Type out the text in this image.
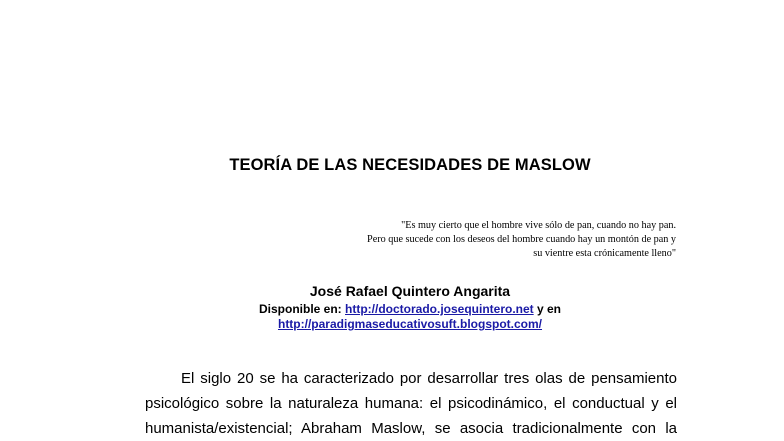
TEORÍA DE LAS NECESIDADES DE MASLOW
"Es muy cierto que el hombre vive sólo de pan, cuando no hay pan.
Pero que sucede con los deseos del hombre cuando hay un montón de pan y
su vientre esta crónicamente lleno"
José Rafael Quintero Angarita
Disponible en: http://doctorado.josequintero.net y en
http://paradigmaseducativosuft.blogspot.com/
El siglo 20 se ha caracterizado por desarrollar tres olas de pensamiento
psicológico sobre la naturaleza humana: el psicodinámico, el conductual y el
humanista/existencial; Abraham Maslow, se asocia tradicionalmente con la
